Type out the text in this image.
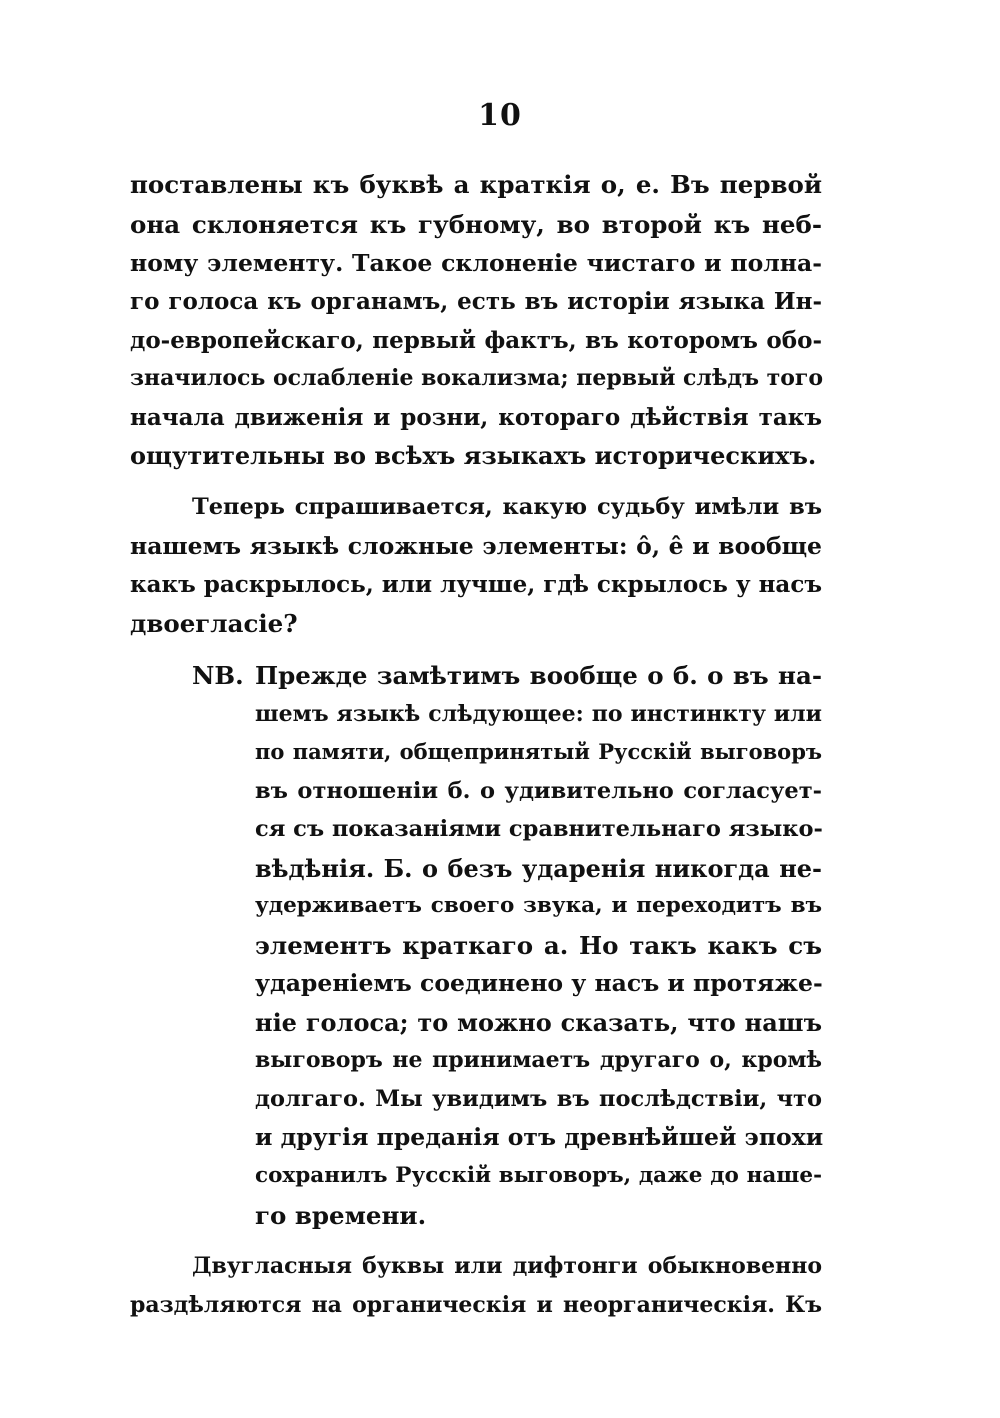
10
поставлены къ буквѣ а краткія о, е. Въ первой
она склоняется къ губному, во второй къ неб-
ному элементу. Такое склоненіе чистаго и полна-
го голоса къ органамъ, есть въ исторіи языка Ин-
до-европейскаго, первый фактъ, въ которомъ обо-
значилось ослабленіе вокализма; первый слѣдъ того
начала движенія и розни, котораго дѣйствія такъ
ощутительны во всѣхъ языкахъ историческихъ.
Теперь спрашивается, какую судьбу имѣли въ
нашемъ языкѣ сложные элементы: ô, ê и вообще
какъ раскрылось, или лучше, гдѣ скрылось у насъ
двоегласіе?
NB. Прежде замѣтимъ вообще о б. о въ на-
шемъ языкѣ слѣдующее: по инстинкту или
по памяти, общепринятый Русскій выговоръ
въ отношеніи б. о удивительно согласует-
ся съ показаніями сравнительнаго языко-
вѣдѣнія. Б. о безъ ударенія никогда не-
удерживаетъ своего звука, и переходитъ въ
элементъ краткаго а. Но такъ какъ съ
удареніемъ соединено у насъ и протяже-
ніе голоса; то можно сказать, что нашъ
выговоръ не принимаетъ другаго о, кромѣ
долгаго. Мы увидимъ въ послѣдствіи, что
и другія преданія отъ древнѣйшей эпохи
сохранилъ Русскій выговоръ, даже до наше-
го времени.
Двугласныя буквы или дифтонги обыкновенно
раздѣляются на органическія и неорганическія. Къ
